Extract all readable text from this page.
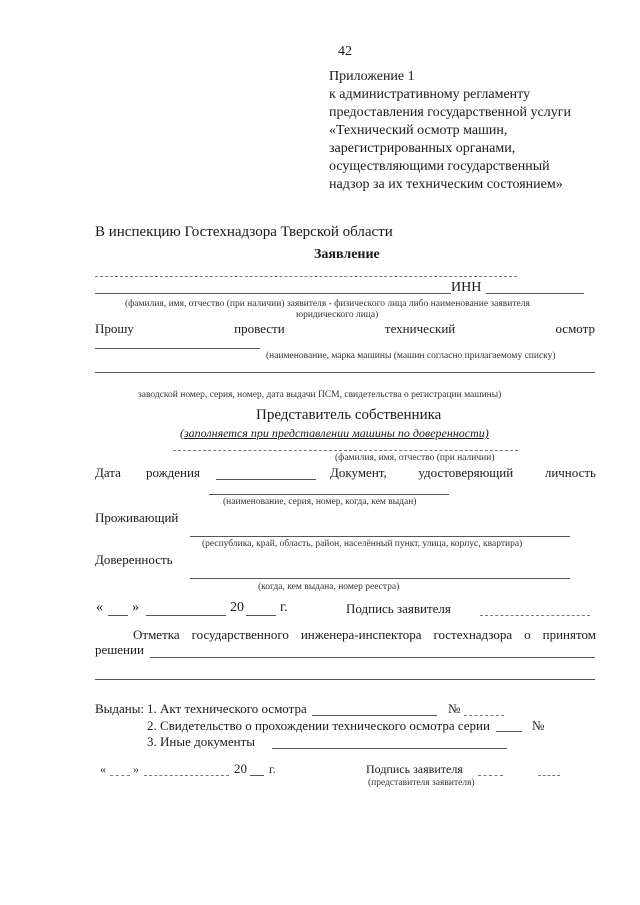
42
Приложение 1
к административному регламенту
предоставления государственной услуги
«Технический осмотр машин,
зарегистрированных органами,
осуществляющими государственный
надзор за их техническим состоянием»
В инспекцию Гостехнадзора Тверской области
Заявление
ИНН
(фамилия, имя, отчество (при наличии) заявителя - физического лица либо наименование заявителя
юридического лица)
Прошу	провести	технический	осмотр
(наименование, марка машины (машин согласно прилагаемому списку)
заводской номер, серия, номер, дата выдачи ПСМ, свидетельства о регистрации машины)
Представитель собственника
(заполняется при представлении машины по доверенности)
(фамилия, имя, отчество (при наличии)
Дата рождения	Документ, удостоверяющий личность
(наименование, серия, номер, когда, кем выдан)
Проживающий
(республика, край, область, район, населённый пункт, улица, корпус, квартира)
Доверенность
(когда, кем выдана, номер реестра)
« »	20	г.	Подпись заявителя
Отметка государственного инженера-инспектора гостехнадзора о принятом
решении
Выданы: 1. Акт технического осмотра	№
2. Свидетельство о прохождении технического осмотра серии	№
3. Иные документы
« »	20 г.	Подпись заявителя
(представителя заявителя)
